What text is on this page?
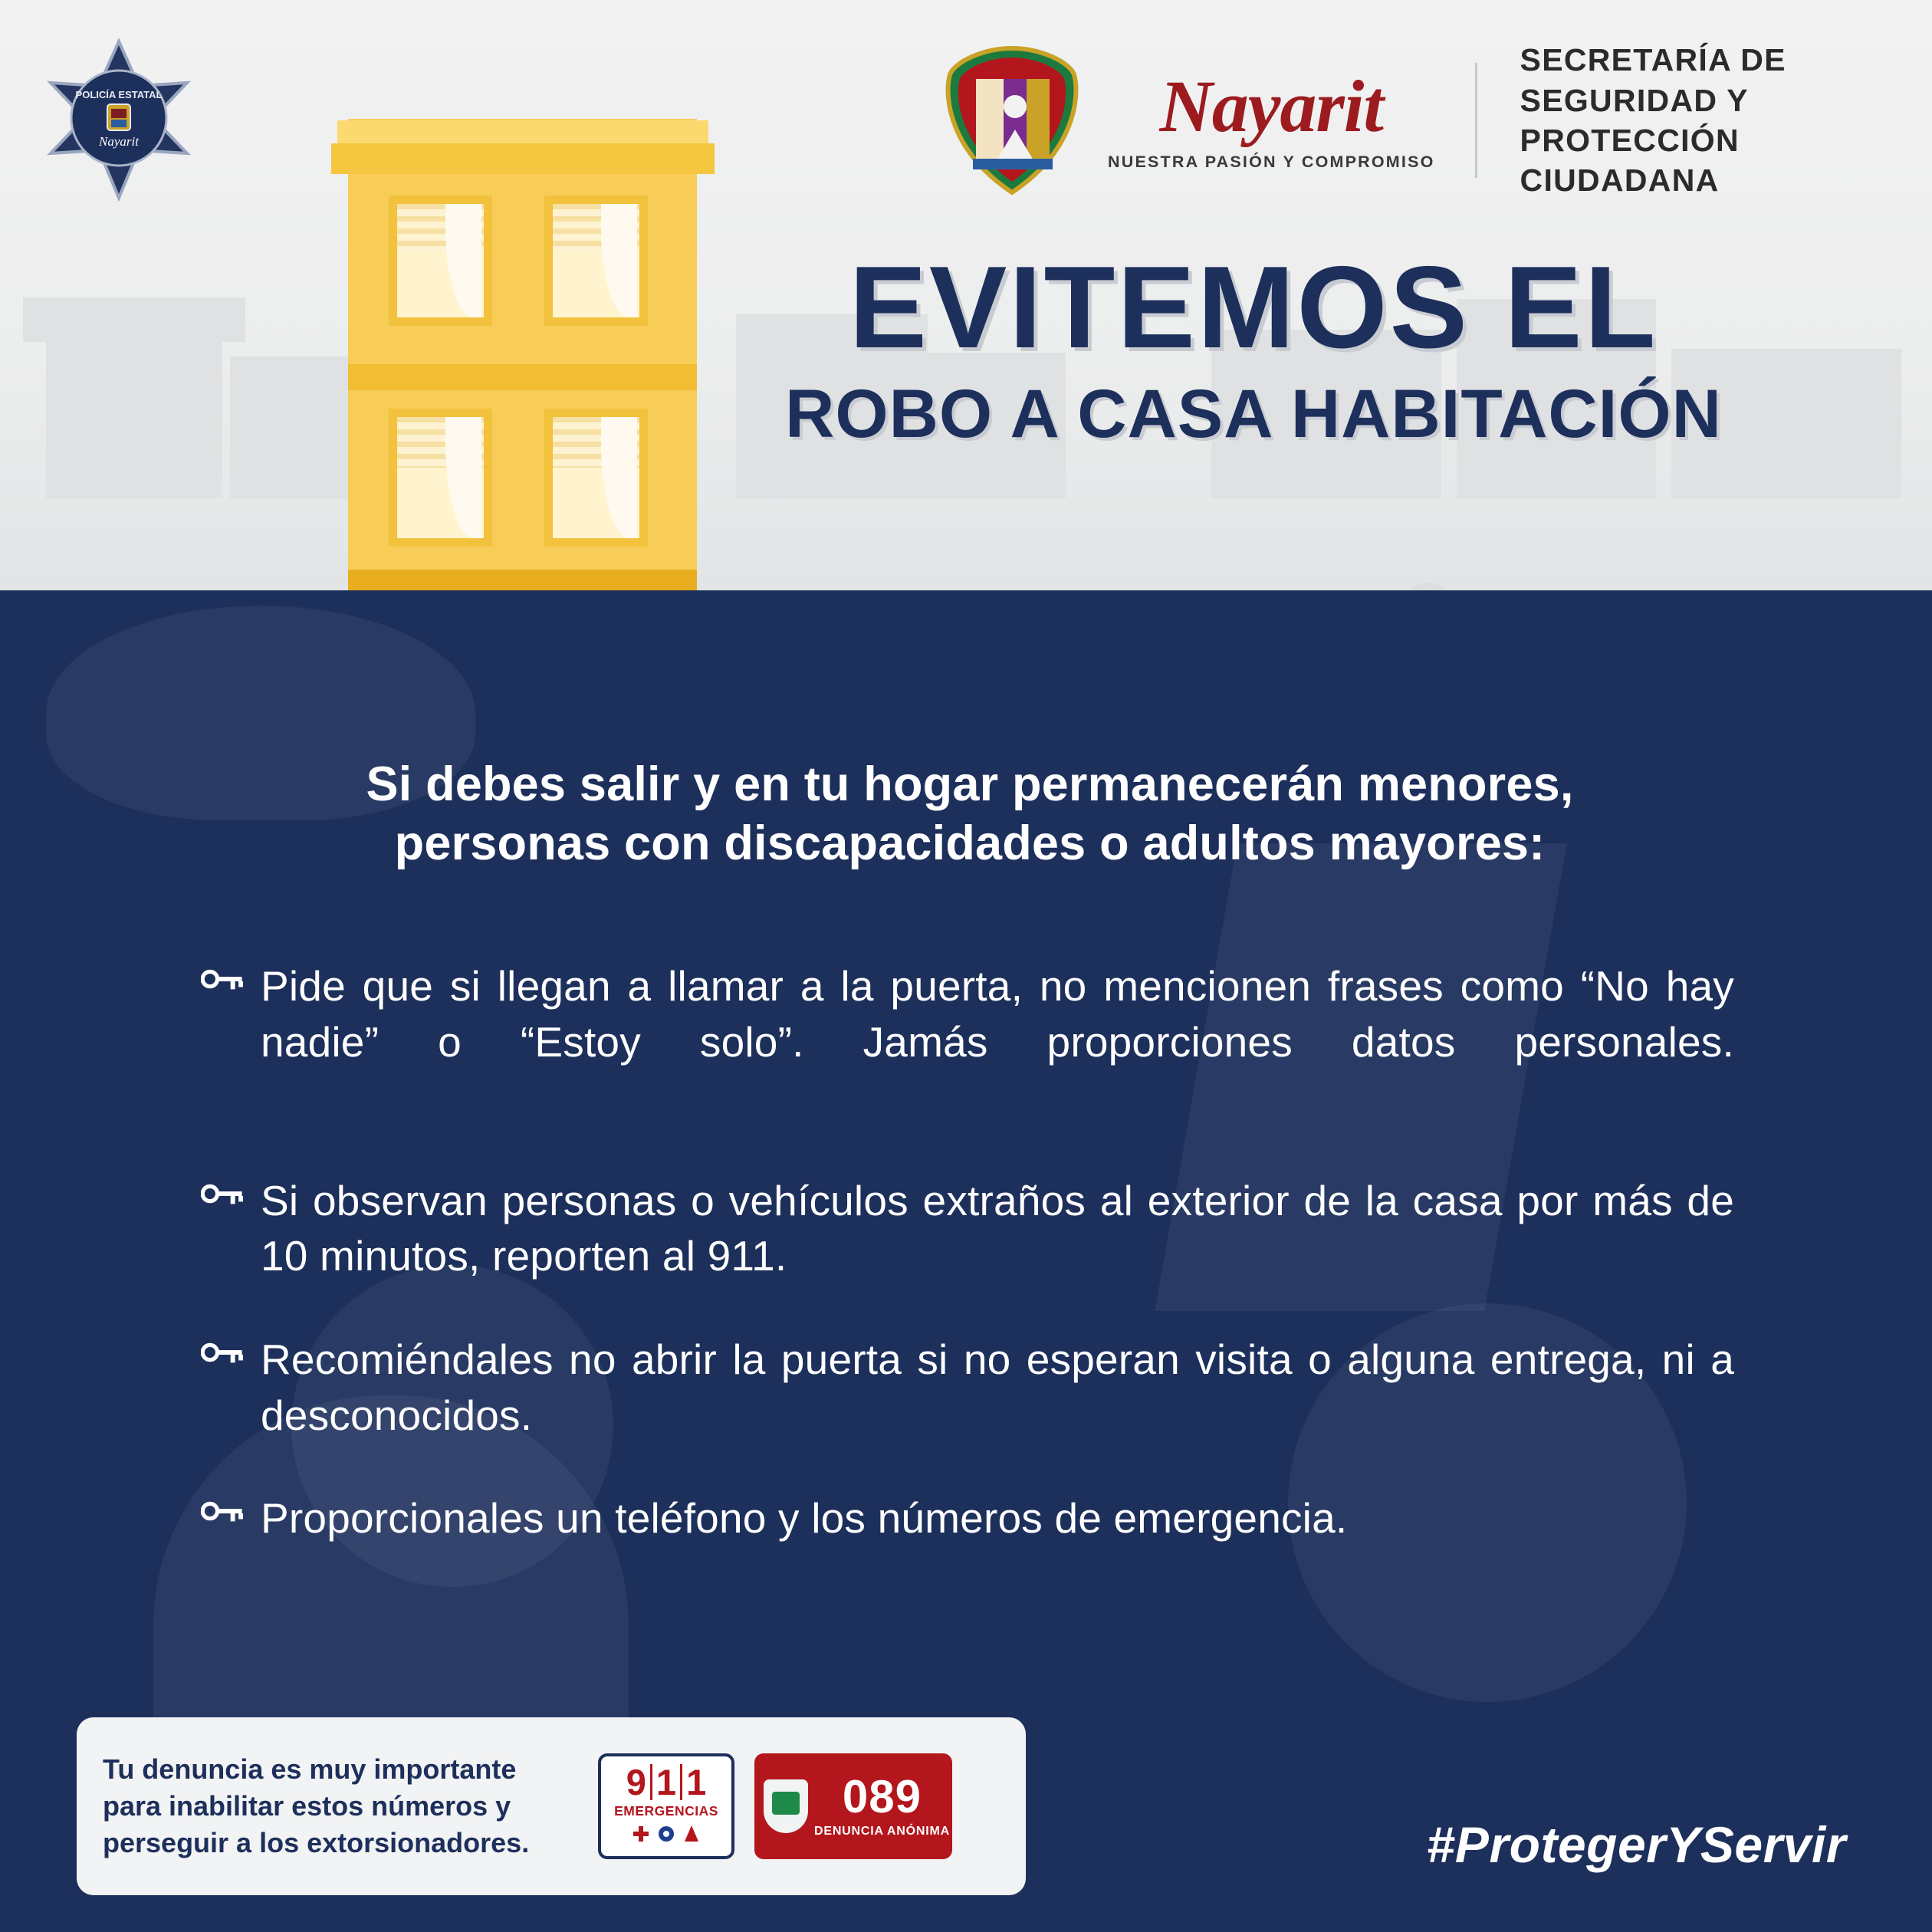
POLICÍA ESTATAL
Nayarit	Nayarit
NUESTRA PASIÓN Y COMPROMISO
SECRETARÍA DE
SEGURIDAD Y PROTECCIÓN
CIUDADANA
EVITEMOS EL
ROBO A CASA HABITACIÓN
Si debes salir y en tu hogar permanecerán menores,
personas con discapacidades o adultos mayores:
Pide que si llegan a llamar a la puerta, no mencionen frases como “No hay nadie” o “Estoy solo”. Jamás proporciones datos personales.
Si observan personas o vehículos extraños al exterior de la casa por más de 10 minutos, reporten al 911.
Recomiéndales no abrir la puerta si no esperan visita o alguna entrega, ni a desconocidos.
Proporcionales un teléfono y los números de emergencia.
Tu denuncia es muy importante
para inabilitar estos números y
perseguir a los extorsionadores.
9 1 1
EMERGENCIAS	089
DENUNCIA ANÓNIMA	#ProtegerYServir
